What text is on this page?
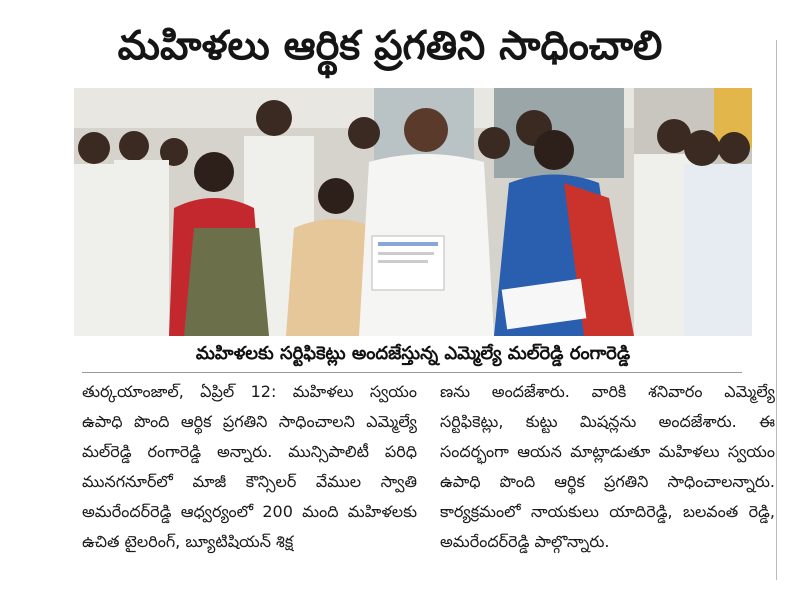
మహిళలు ఆర్థిక ప్రగతిని సాధించాలి
మహిళలకు సర్టిఫికెట్లు అందజేస్తున్న ఎమ్మెల్యే మల్‌రెడ్డి రంగారెడ్డి
తుర్కయాంజాల్, ఏప్రిల్ 12: మహిళలు స్వయం ఉపాధి పొంది ఆర్థిక ప్రగతిని సాధించాలని ఎమ్మెల్యే మల్‌రెడ్డి రంగారెడ్డి అన్నారు. మున్సిపాలిటీ పరిధి మునగనూర్‌లో మాజీ కౌన్సిలర్ వేముల స్వాతి అమరేందర్‌రెడ్డి ఆధ్వర్యంలో 200 మంది మహిళలకు ఉచిత టైలరింగ్, బ్యూటిషియన్ శిక్ష
ణను అందజేశారు. వారికి శనివారం ఎమ్మెల్యే సర్టిఫికెట్లు, కుట్టు మిషన్లను అందజేశారు. ఈ సందర్భంగా ఆయన మాట్లాడుతూ మహిళలు స్వయం ఉపాధి పొంది ఆర్థిక ప్రగతిని సాధించాలన్నారు. కార్యక్రమంలో నాయకులు యాదిరెడ్డి, బలవంత రెడ్డి, అమరేందర్‌రెడ్డి పాల్గొన్నారు.
